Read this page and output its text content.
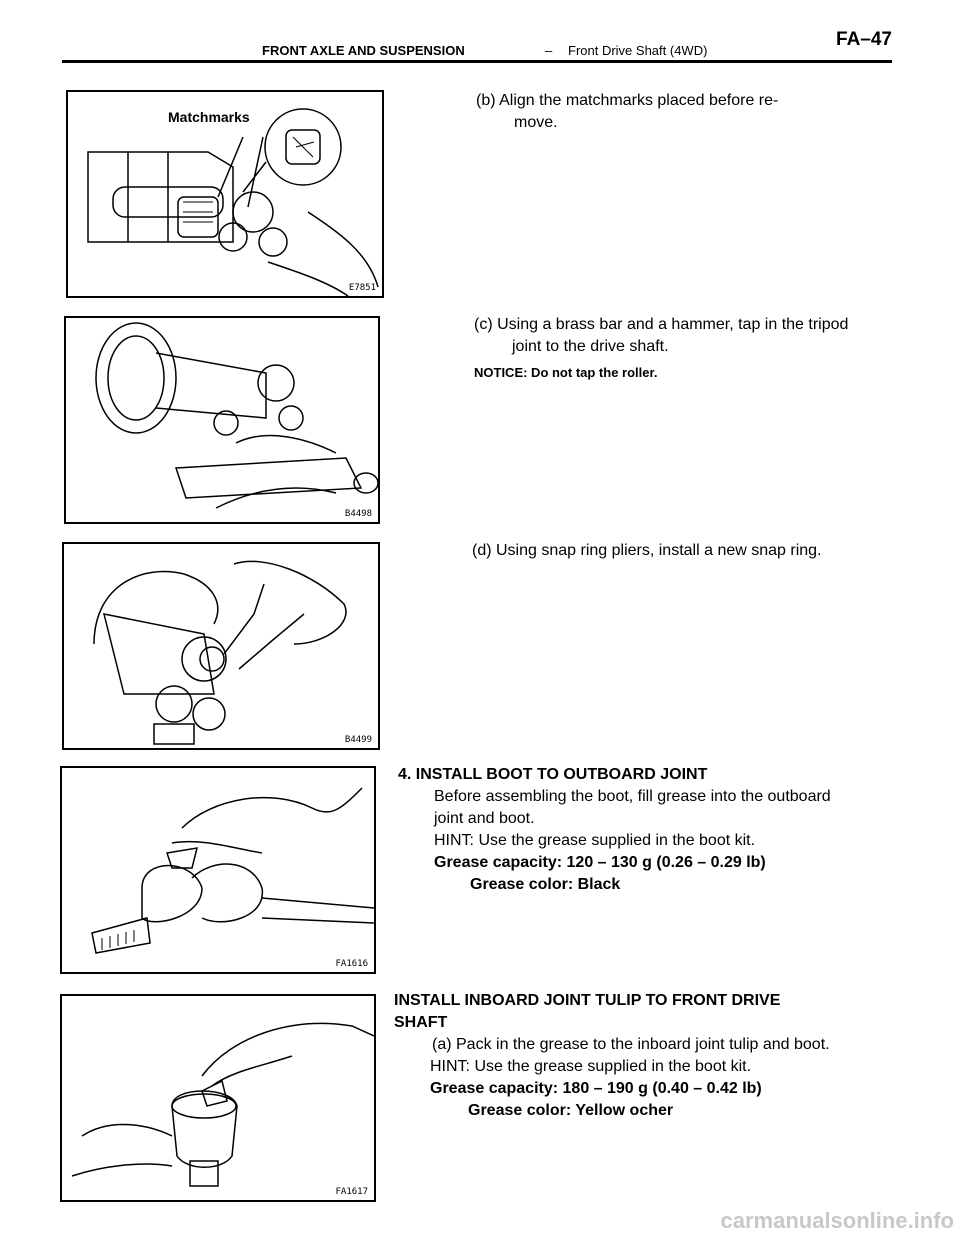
FRONT AXLE AND SUSPENSION	– Front Drive Shaft (4WD)
FA–47
Matchmarks
E7851
(b) Align the matchmarks placed before re-
move.
B4498
(c) Using a brass bar and a hammer, tap in the tripod
joint to the drive shaft.
NOTICE: Do not tap the roller.
B4499
(d) Using snap ring pliers, install a new snap ring.
FA1616
4. INSTALL BOOT TO OUTBOARD JOINT
Before assembling the boot, fill grease into the outboard
joint and boot.
HINT: Use the grease supplied in the boot kit.
Grease capacity: 120 – 130 g (0.26 – 0.29 lb)
Grease color: Black
FA1617
INSTALL INBOARD JOINT TULIP TO FRONT DRIVE
SHAFT
(a) Pack in the grease to the inboard joint tulip and boot.
HINT: Use the grease supplied in the boot kit.
Grease capacity: 180 – 190 g (0.40 – 0.42 lb)
Grease color: Yellow ocher
carmanualsonline.info
